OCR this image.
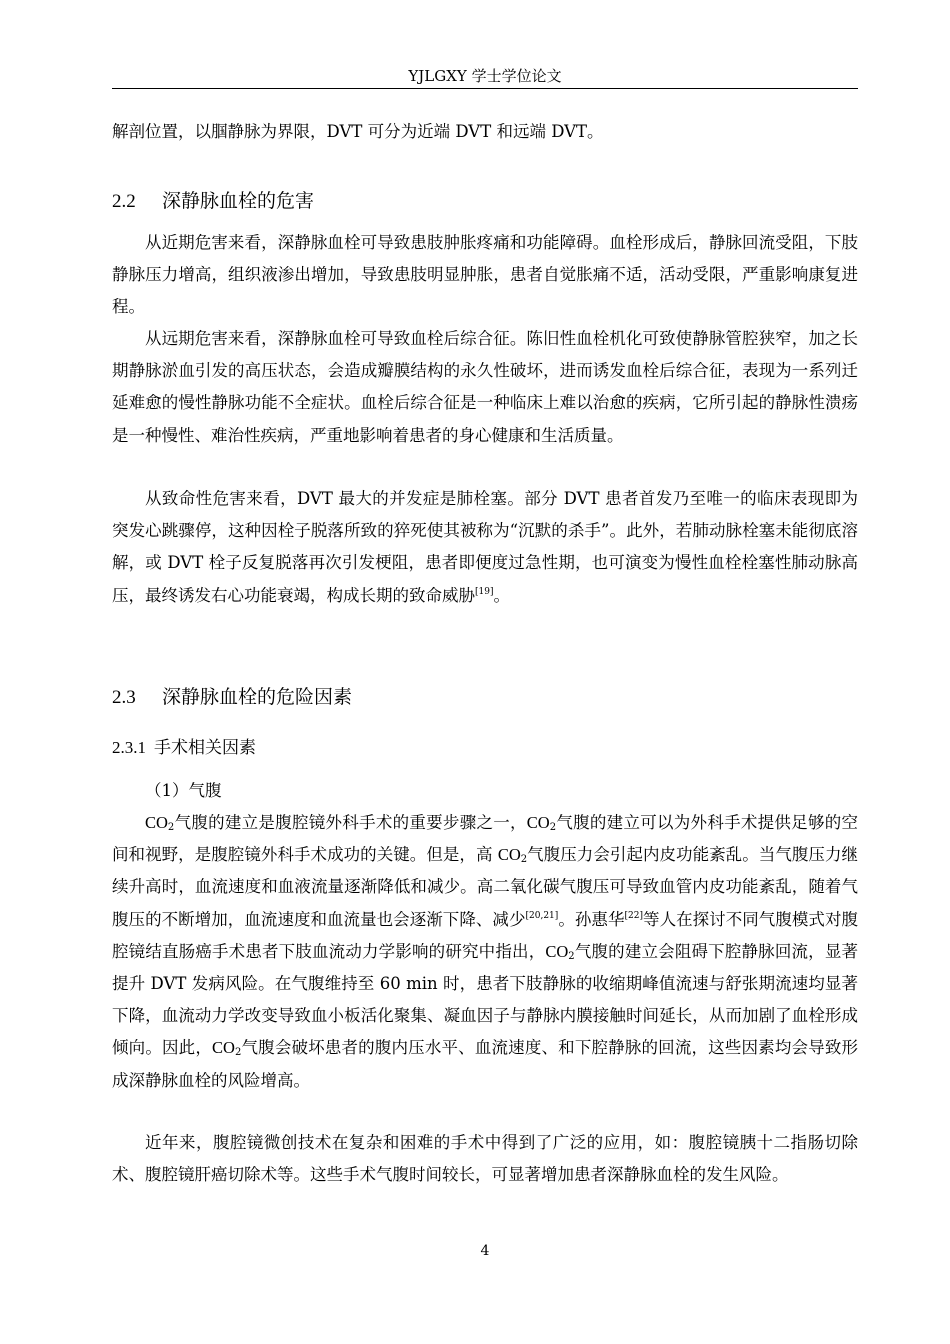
YJLGXY 学士学位论文

解剖位置，以腘静脉为界限，DVT 可分为近端 DVT 和远端 DVT。

2.2 深静脉血栓的危害

从近期危害来看，深静脉血栓可导致患肢肿胀疼痛和功能障碍。血栓形成后，静脉回流受阻，下肢静脉压力增高，组织液渗出增加，导致患肢明显肿胀，患者自觉胀痛不适，活动受限，严重影响康复进程。

从远期危害来看，深静脉血栓可导致血栓后综合征。陈旧性血栓机化可致使静脉管腔狭窄，加之长期静脉淤血引发的高压状态，会造成瓣膜结构的永久性破坏，进而诱发血栓后综合征，表现为一系列迁延难愈的慢性静脉功能不全症状。血栓后综合征是一种临床上难以治愈的疾病，它所引起的静脉性溃疡是一种慢性、难治性疾病，严重地影响着患者的身心健康和生活质量。

从致命性危害来看，DVT 最大的并发症是肺栓塞。部分 DVT 患者首发乃至唯一的临床表现即为突发心跳骤停，这种因栓子脱落所致的猝死使其被称为“沉默的杀手”。此外，若肺动脉栓塞未能彻底溶解，或 DVT 栓子反复脱落再次引发梗阻，患者即便度过急性期，也可演变为慢性血栓栓塞性肺动脉高压，最终诱发右心功能衰竭，构成长期的致命威胁[19]。

2.3 深静脉血栓的危险因素
2.3.1 手术相关因素

（1）气腹

$CO_2$气腹的建立是腹腔镜外科手术的重要步骤之一，$CO_2$气腹的建立可以为外科手术提供足够的空间和视野，是腹腔镜外科手术成功的关键。但是，高 $CO_2$气腹压力会引起内皮功能紊乱。当气腹压力继续升高时，血流速度和血液流量逐渐降低和减少。高二氧化碳气腹压可导致血管内皮功能紊乱，随着气腹压的不断增加，血流速度和血流量也会逐渐下降、减少[20,21]。孙惠华[22]等人在探讨不同气腹模式对腹腔镜结直肠癌手术患者下肢血流动力学影响的研究中指出，$CO_2$气腹的建立会阻碍下腔静脉回流，显著提升 DVT 发病风险。在气腹维持至 60 min 时，患者下肢静脉的收缩期峰值流速与舒张期流速均显著下降，血流动力学改变导致血小板活化聚集、凝血因子与静脉内膜接触时间延长，从而加剧了血栓形成倾向。因此，$CO_2$气腹会破坏患者的腹内压水平、血流速度、和下腔静脉的回流，这些因素均会导致形成深静脉血栓的风险增高。

近年来，腹腔镜微创技术在复杂和困难的手术中得到了广泛的应用，如：腹腔镜胰十二指肠切除术、腹腔镜肝癌切除术等。这些手术气腹时间较长，可显著增加患者深静脉血栓的发生风险。

4
